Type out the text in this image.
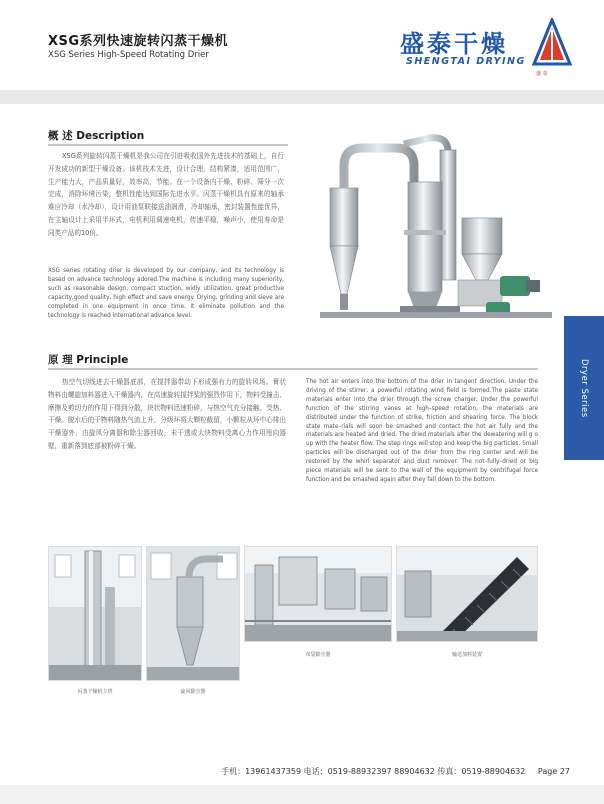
XSG系列快速旋转闪蒸干燥机
XSG Series High-Speed Rotating Drier	盛泰干燥
SHENGTAI DRYING
盛 泰
概 述 Description
XSG系列旋转闪蒸干燥机是我公司在引进吸收国外先进技术的基础上，自行开发成功的新型干燥设备。该机技术先进，设计合理，结构紧凑，适用范围广，生产能力大，产品质量好，效率高，节能。在一个设备内干燥、粉碎、筛分一次完成，消除环境污染，整机性能达到国际先进水平。闪蒸干燥机具有原来的轴承难应冷却（水冷却），设计用油泵联接送油润滑，冷却轴承，密封装置性能优异，在主轴设计上采用半坏式，电机利用调速电机，传速平稳，噪声小，使用寿命是同类产品的10倍。
XSG series rotating drier is developed by our company, and its technology is based on advance technology adored.The machine is including many superiority, such as reasonable design, compact stuction, widly utilization, great productive capacity,good quality, high effect and save energy. Drying, grinding and sieve are completed in one equipment in once time. It eliminate pollution and the technology is reached international advance level.
原 理 Principle
热空气切线进去干燥器底部，在搅拌器带动下形成强有力的旋转风场。膏状物料由螺旋加料器进入干燥器内，在高速旋转搅拌桨的强烈作用下，物料受撞击、摩擦及剪切力的作用下得到分散，块状物料迅速粉碎，与热空气充分接触、受热、干燥。脱水后的干物料随热气流上升，分级环将大颗粒截留，小颗粒从环中心排出干燥器外，由旋风分离器和除尘器回收，未干透或大块物料受离心力作用甩向器壁，重新落到底部被粉碎干燥。
The hot air enters into the bottom of the drier in tangent direction. Under the driving of the stirrer, a powerful rotating wind field is formed.The paste state materials enter into the drier through the screw charger. Under the powerful function of the stirring vanes at high–speed rotation, the materials are distributed under the function of strike, friction and shearing force. The block state mate–rials will soon be smashed and contact the hot air fully and the materials are heated and dried. The dried materials after the dewatering will g o up with the heater flow. The step rings will stop and keep the big particles. Small particles will be discharged out of the drier from the ring center and will be restored by the whirl separator and dust remover. The not–fully–dried or big piece materials will be sent to the wall of the equipment by centrifugal force function and be smashed again after they fall down to the bottom.
Dryer Series
闪蒸干燥机主塔	旋风除尘器
布袋除尘器	输送加料装置
手机：13961437359 电话：0519-88932397 88904632 传真：0519-88904632 Page 27
